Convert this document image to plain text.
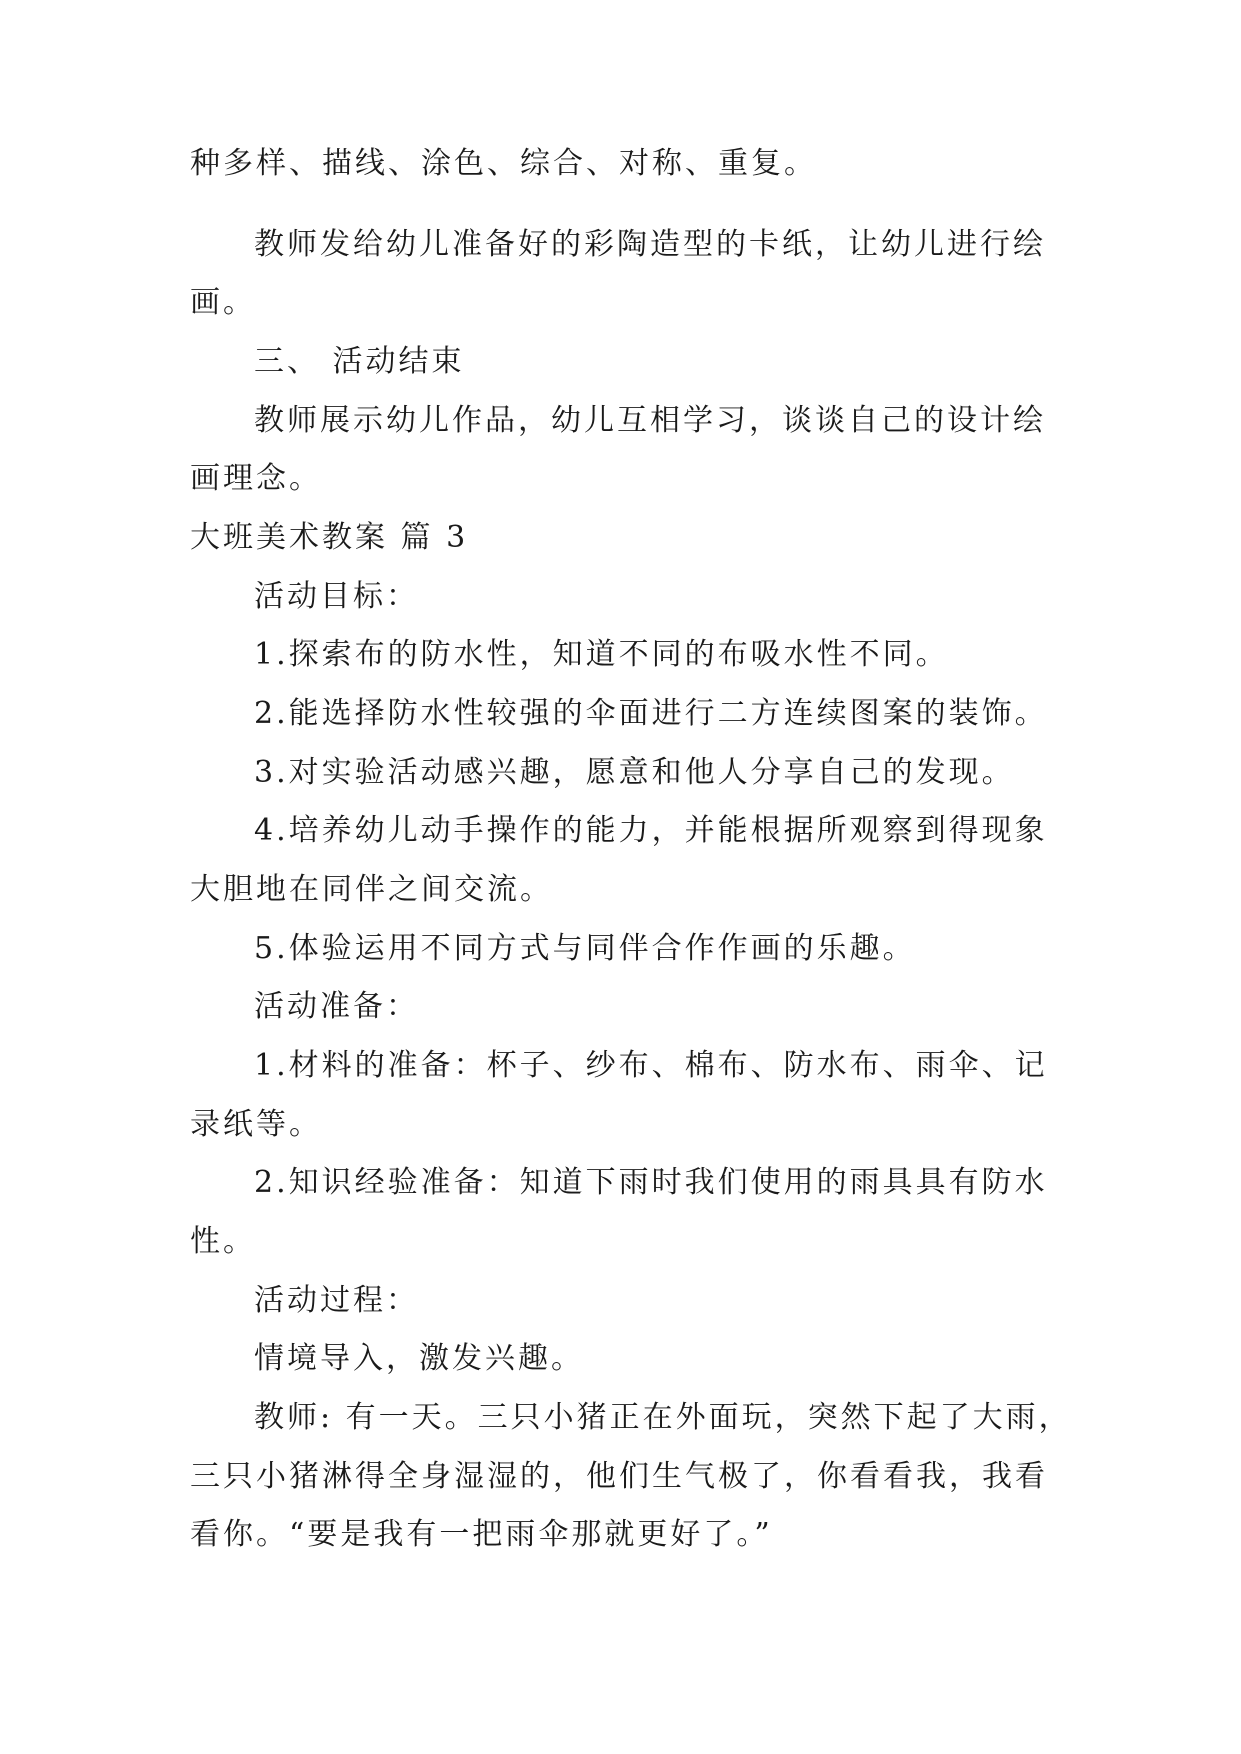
种多样、描线、涂色、综合、对称、重复。
教师发给幼儿准备好的彩陶造型的卡纸，让幼儿进行绘
画。
三、 活动结束
教师展示幼儿作品，幼儿互相学习，谈谈自己的设计绘
画理念。
大班美术教案 篇 3
活动目标：
1.探索布的防水性，知道不同的布吸水性不同。
2.能选择防水性较强的伞面进行二方连续图案的装饰。
3.对实验活动感兴趣，愿意和他人分享自己的发现。
4.培养幼儿动手操作的能力，并能根据所观察到得现象
大胆地在同伴之间交流。
5.体验运用不同方式与同伴合作作画的乐趣。
活动准备：
1.材料的准备：杯子、纱布、棉布、防水布、雨伞、记
录纸等。
2.知识经验准备：知道下雨时我们使用的雨具具有防水
性。
活动过程：
情境导入，激发兴趣。
教师: 有一天。三只小猪正在外面玩，突然下起了大雨，
三只小猪淋得全身湿湿的，他们生气极了，你看看我，我看
看你。“要是我有一把雨伞那就更好了。”
